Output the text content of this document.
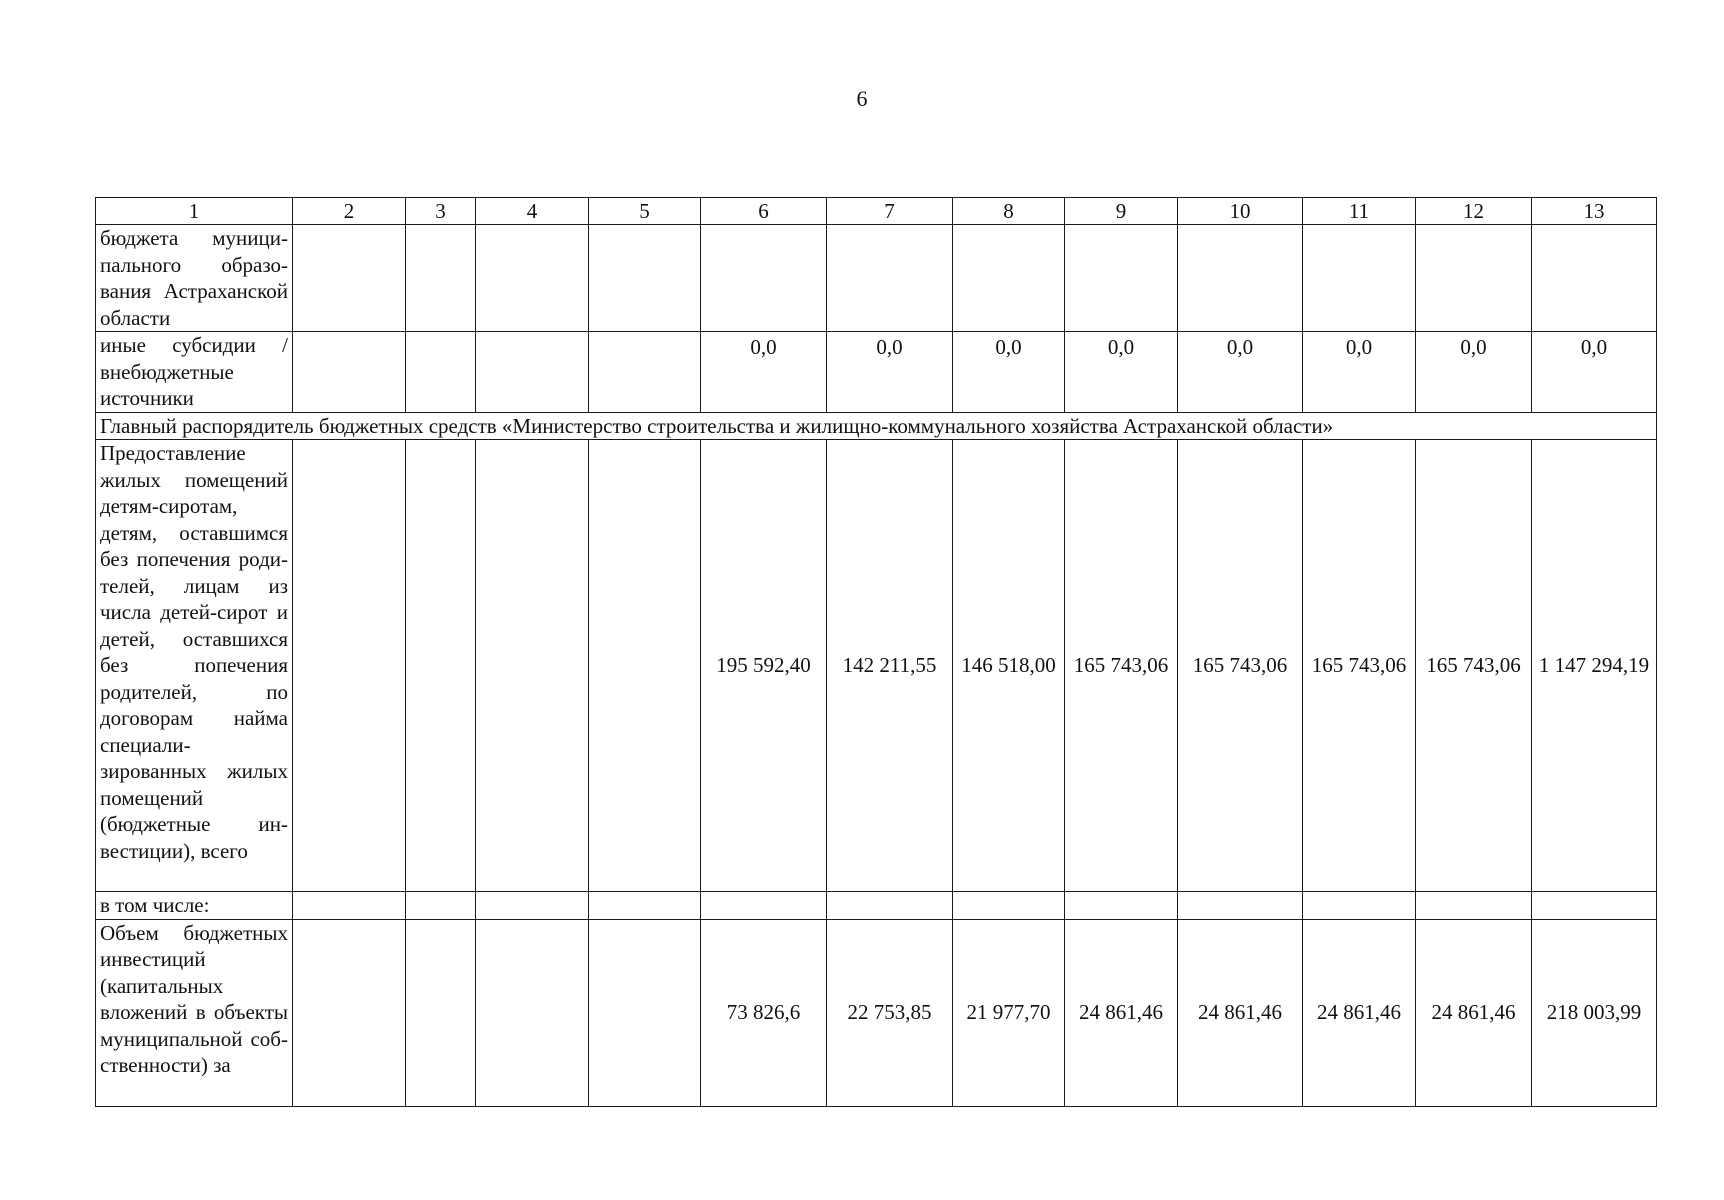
6
1	2	3	4	5	6	7	8	9	10	11	12	13
бюджета муниципального образования Астраханской области												
иные субсидии / внебюджетные источники					0,0	0,0	0,0	0,0	0,0	0,0	0,0	0,0
Главный распорядитель бюджетных средств «Министерство строительства и жилищно-коммунального хозяйства Астраханской области»												
Предоставление жилых помещений детям-сиротам, детям, оставшимся без попечения родителей, лицам из числа детей-сирот и детей, оставшихся без попечения родителей, по договорам найма специализированных жилых помещений (бюджетные инвестиции), всего					195 592,40	142 211,55	146 518,00	165 743,06	165 743,06	165 743,06	165 743,06	1 147 294,19
в том числе:												
Объем бюджетных инвестиций (капитальных вложений в объекты муниципальной собственности) за					73 826,6	22 753,85	21 977,70	24 861,46	24 861,46	24 861,46	24 861,46	218 003,99
